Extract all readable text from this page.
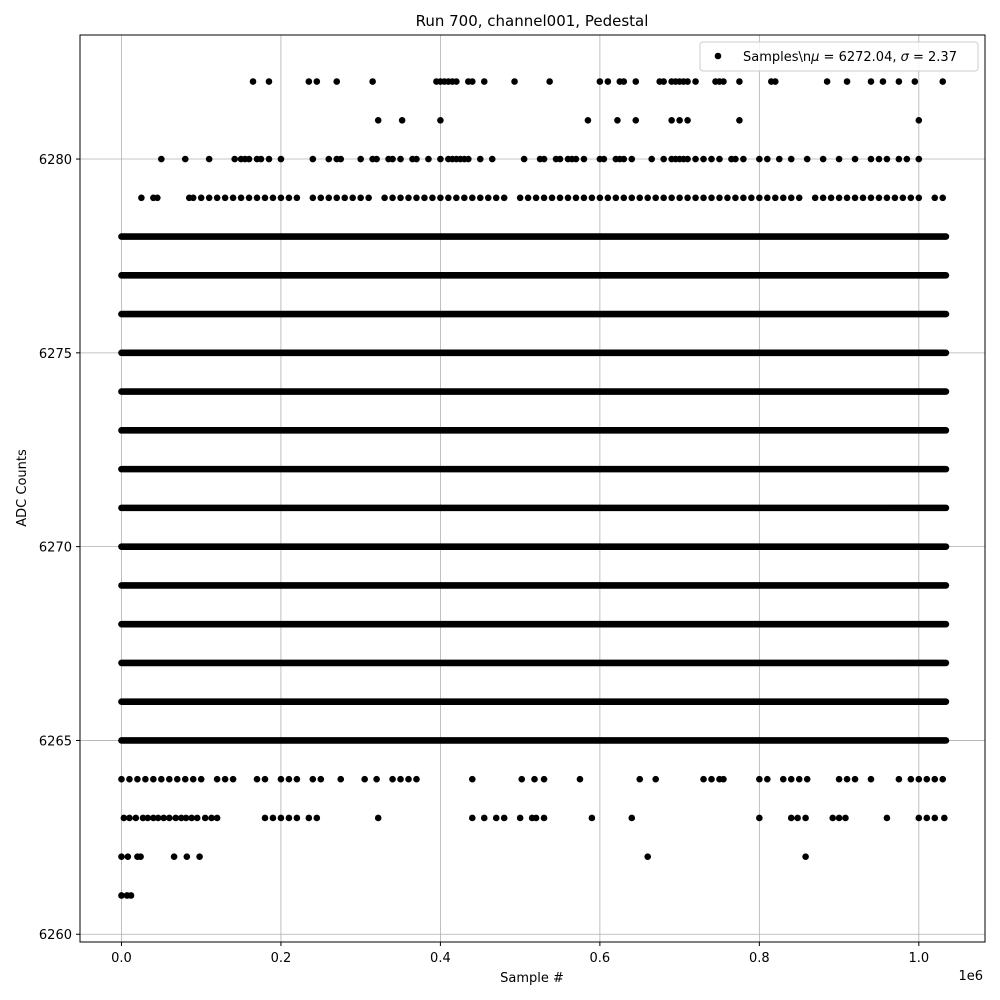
Run 700, channel001, Pedestal
0.0	0.2	0.4	0.6	0.8	1.0
6260
6265
6270
6275
6280
Sample #
ADC Counts
1e6
Samples\nμ = 6272.04, σ = 2.37
